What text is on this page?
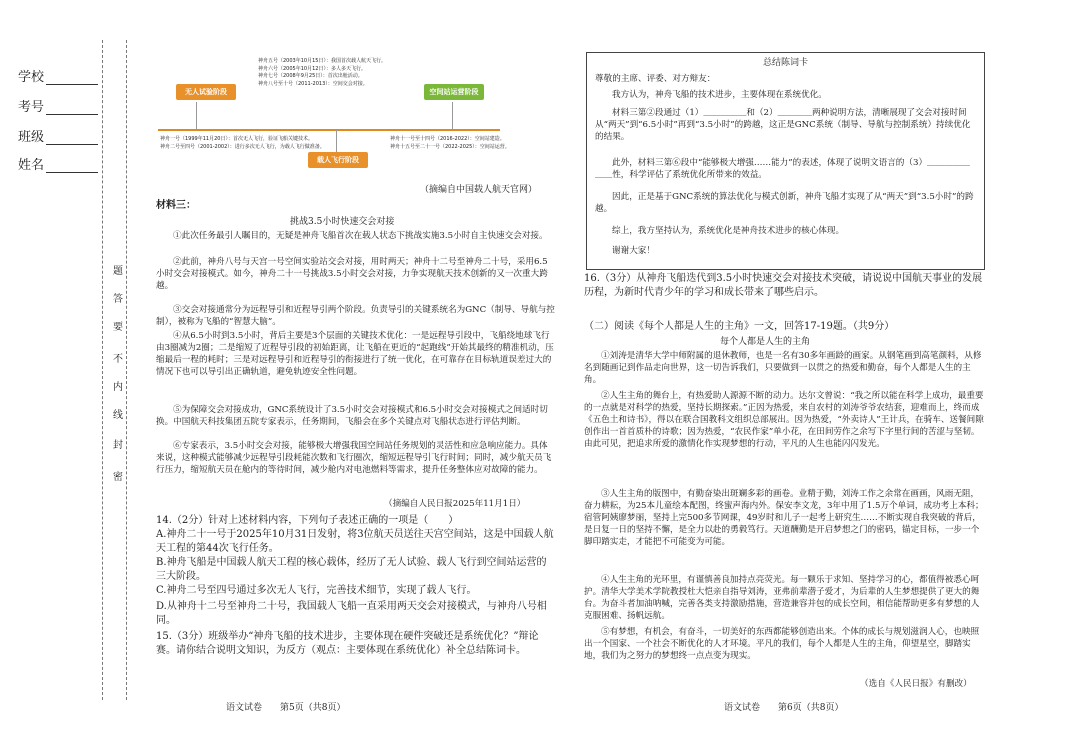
学校
考号
班级
姓名
题
答
要
不
内
线
封
密
无人试验阶段
载人飞行阶段
空间站运营阶段
神舟五号（2003年10月15日）：我国首次载人航天飞行。
神舟六号（2005年10月12日）：多人多天飞行。
神舟七号（2008年9月25日）：首次出舱活动。
神舟八号至十号（2011-2013）：空间交会对接。
神舟一号（1999年11月20日）：首次无人飞行，验证飞船关键技术。
神舟二号至四号（2001-2002）：进行多次无人飞行，为载人飞行做准备。
神舟十一号至十四号（2016-2022）：空间站建造。
神舟十五号至二十一号（2022-2025）：空间站运营。
（摘编自中国载人航天官网）
材料三：
挑战3.5小时快速交会对接
①此次任务最引人瞩目的，无疑是神舟飞船首次在载人状态下挑战实施3.5小时自主快速交会对接。
②此前，神舟八号与天宫一号空间实验站交会对接，用时两天；神舟十二号至神舟二十号，采用6.5小时交会对接模式。如今，神舟二十一号挑战3.5小时交会对接，力争实现航天技术创新的又一次重大跨越。
③交会对接通常分为远程导引和近程导引两个阶段。负责导引的关键系统名为GNC（制导、导航与控制），被称为飞船的“智慧大脑”。
④从6.5小时到3.5小时，背后主要是3个层面的关键技术优化：一是远程导引段中，飞船绕地球飞行由3圈减为2圈；二是缩短了近程导引段的初始距离，让飞船在更近的“起跑线”开始其最终的精准机动，压缩最后一程的耗时；三是对远程导引和近程导引的衔接进行了统一优化，在可靠存在目标轨道误差过大的情况下也可以导引出正确轨道，避免轨迹安全性问题。
⑤为保障交会对接成功，GNC系统设计了3.5小时交会对接模式和6.5小时交会对接模式之间适时切换。中国航天科技集团五院专家表示，任务期间，飞船会在多个关键点对飞船状态进行评估判断。
⑥专家表示，3.5小时交会对接，能够极大增强我国空间站任务规划的灵活性和应急响应能力。具体来说，这种模式能够减少远程导引段耗能次数和飞行圈次，缩短远程导引飞行时间；同时，减少航天员飞行压力，缩短航天员在舱内的等待时间，减少舱内对电池燃料等需求，提升任务整体应对故障的能力。
（摘编自人民日报2025年11月1日）
14.（2分）针对上述材料内容，下列句子表述正确的一项是（　　）
A.神舟二十一号于2025年10月31日发射，将3位航天员送往天宫空间站，这是中国载人航天工程的第44次飞行任务。
B.神舟飞船是中国载人航天工程的核心载体，经历了无人试验、载人飞行到空间站运营的三大阶段。
C.神舟二号至四号通过多次无人飞行，完善技术细节，实现了载人飞行。
D.从神舟十二号至神舟二十号，我国载人飞船一直采用两天交会对接模式，与神舟八号相同。
15.（3分）班级举办“神舟飞船的技术进步，主要体现在硬件突破还是系统优化？”辩论赛。请你结合说明文知识，为反方（观点：主要体现在系统优化）补全总结陈词卡。
总结陈词卡
尊敬的主席、评委、对方辩友：
我方认为，神舟飞船的技术进步，主要体现在系统优化。
材料三第②段通过（1）＿＿＿＿＿和（2）＿＿＿＿两种说明方法，清晰展现了交会对接时间从“两天”到“6.5小时”再到“3.5小时”的跨越，这正是GNC系统（制导、导航与控制系统）持续优化的结果。
此外，材料三第⑥段中“能够极大增强……能力”的表述，体现了说明文语言的（3）＿＿＿＿＿＿＿性，科学评估了系统优化所带来的效益。
因此，正是基于GNC系统的算法优化与模式创新，神舟飞船才实现了从“两天”到“3.5小时”的跨越。
综上，我方坚持认为，系统优化是神舟技术进步的核心体现。
谢谢大家！
16.（3分）从神舟飞船迭代到3.5小时快速交会对接技术突破，请说说中国航天事业的发展历程，为新时代青少年的学习和成长带来了哪些启示。
（二）阅读《每个人都是人生的主角》一文，回答17-19题。（共9分）
每个人都是人生的主角
①刘涛是清华大学中师附属的退休教师，也是一名有30多年画龄的画家。从钢笔画到高笔颜料，从修名到随画记到作品走向世界，这一切告诉我们，只要做到一以贯之的热爱和勤奋，每个人都是人生的主角。
②人生主角的舞台上，有热爱助人源源不断的动力。达尔文曾说：“我之所以能在科学上成功，最重要的一点就是对科学的热爱，坚持长期探索。”正因为热爱，来自农村的刘涛爷爷农结套，迎难而上，终而成《五色土和诗书》，得以在联合国教科文组织总部展出。因为热爱，“外卖诗人”王计兵，在骑车、送餐间隙创作出一首首质朴的诗歌；因为热爱，“农民作家”单小花，在田间劳作之余写下字里行间的苦涩与坚韧。由此可见，把追求所爱的激情化作实现梦想的行动，平凡的人生也能闪闪发光。
③人生主角的版图中，有勤奋染出斑斓多彩的画卷。业精于勤，刘涛工作之余常在画画，风雨无阻，奋力耕耘，为25本儿童绘本配图，终蜜声海内外。保安李文龙，3年中用了1.5万个单词，成功考上本科；宿管阿姨廖梦丽，坚持上完500多节网课，49岁时和儿子一起考上研究生……不断实现自我突破的背后，是日复一日的坚持不懈，是全力以赴的勇毅笃行。天道酬勤是开启梦想之门的密码，锚定目标，一步一个脚印踏实走，才能把不可能变为可能。
④人生主角的光环里，有谨慎善良加持点亮荧光。每一颗乐于求知、坚持学习的心，都值得被悉心呵护。清华大学美术学院教授杜大恺亲自指导刘涛，亚弗前辈潜子爱才，为后辈的人生梦想提供了更大的舞台。为奋斗者加油呐喊，完善各类支持激励措施，营造兼容并包的成长空间，相信能帮助更多有梦想的人克服困难、扬帆远航。
⑤有梦想，有机会，有奋斗，一切美好的东西都能够创造出来。个体的成长与规划滋润人心，也映照出一个国家、一个社会不断优化的人才环境。平凡的我们，每个人都是人生的主角，仰望星空，脚踏实地，我们为之努力的梦想终一点点变为现实。
（选自《人民日报》有删改）
语文试卷　　第5页（共8页）	语文试卷　　第6页（共8页）
